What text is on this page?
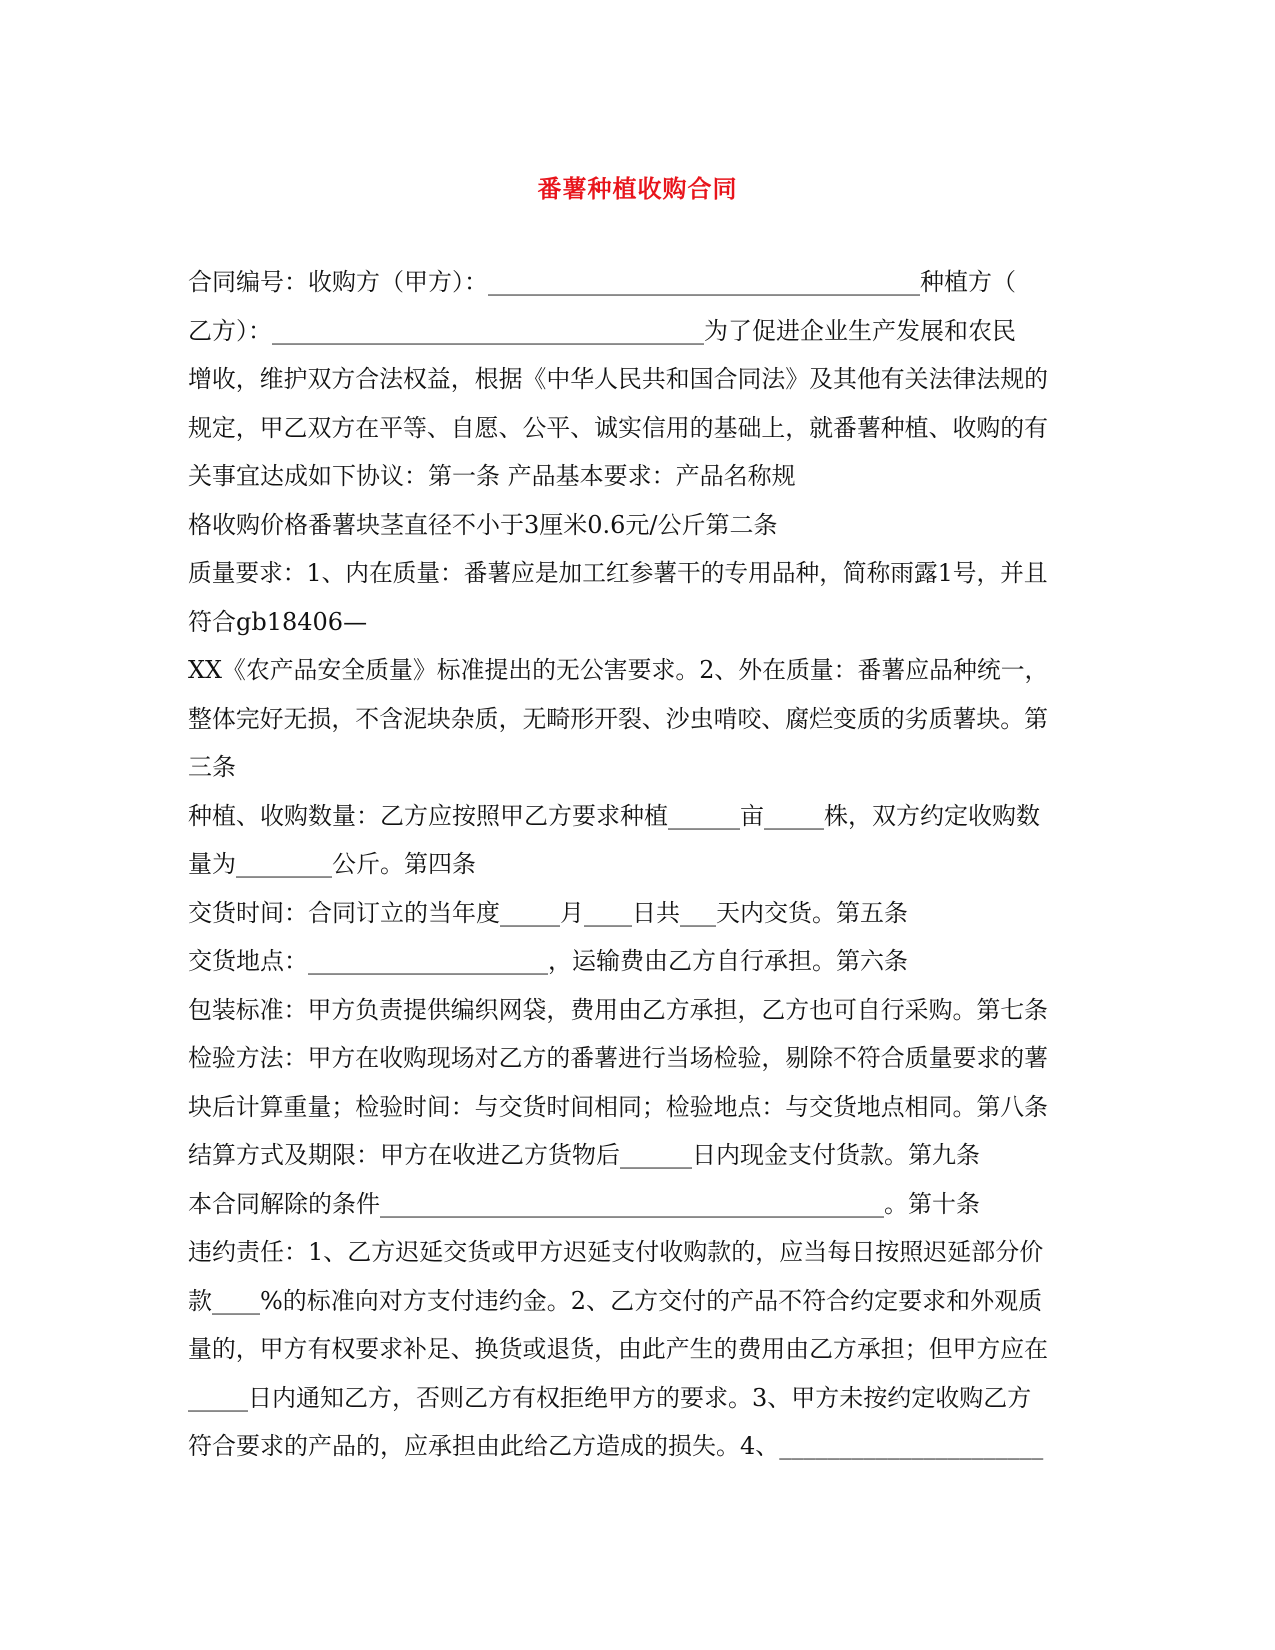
番薯种植收购合同
合同编号：收购方（甲方）：____________________________________种植方（
乙方）：____________________________________为了促进企业生产发展和农民
增收，维护双方合法权益，根据《中华人民共和国合同法》及其他有关法律法规的
规定，甲乙双方在平等、自愿、公平、诚实信用的基础上，就番薯种植、收购的有
关事宜达成如下协议：第一条 产品基本要求：产品名称规
格收购价格番薯块茎直径不小于3厘米0.6元/公斤第二条
质量要求：1、内在质量：番薯应是加工红参薯干的专用品种，简称雨露1号，并且
符合gb18406—
XX《农产品安全质量》标准提出的无公害要求。2、外在质量：番薯应品种统一，
整体完好无损，不含泥块杂质，无畸形开裂、沙虫啃咬、腐烂变质的劣质薯块。第
三条
种植、收购数量：乙方应按照甲乙方要求种植______亩_____株，双方约定收购数
量为________公斤。第四条
交货时间：合同订立的当年度_____月____日共___天内交货。第五条
交货地点：____________________，运输费由乙方自行承担。第六条
包装标准：甲方负责提供编织网袋，费用由乙方承担，乙方也可自行采购。第七条
检验方法：甲方在收购现场对乙方的番薯进行当场检验，剔除不符合质量要求的薯
块后计算重量；检验时间：与交货时间相同；检验地点：与交货地点相同。第八条
结算方式及期限：甲方在收进乙方货物后______日内现金支付货款。第九条
本合同解除的条件__________________________________________。第十条
违约责任：1、乙方迟延交货或甲方迟延支付收购款的，应当每日按照迟延部分价
款____%的标准向对方支付违约金。2、乙方交付的产品不符合约定要求和外观质
量的，甲方有权要求补足、换货或退货，由此产生的费用由乙方承担；但甲方应在
_____日内通知乙方，否则乙方有权拒绝甲方的要求。3、甲方未按约定收购乙方
符合要求的产品的，应承担由此给乙方造成的损失。4、______________________
